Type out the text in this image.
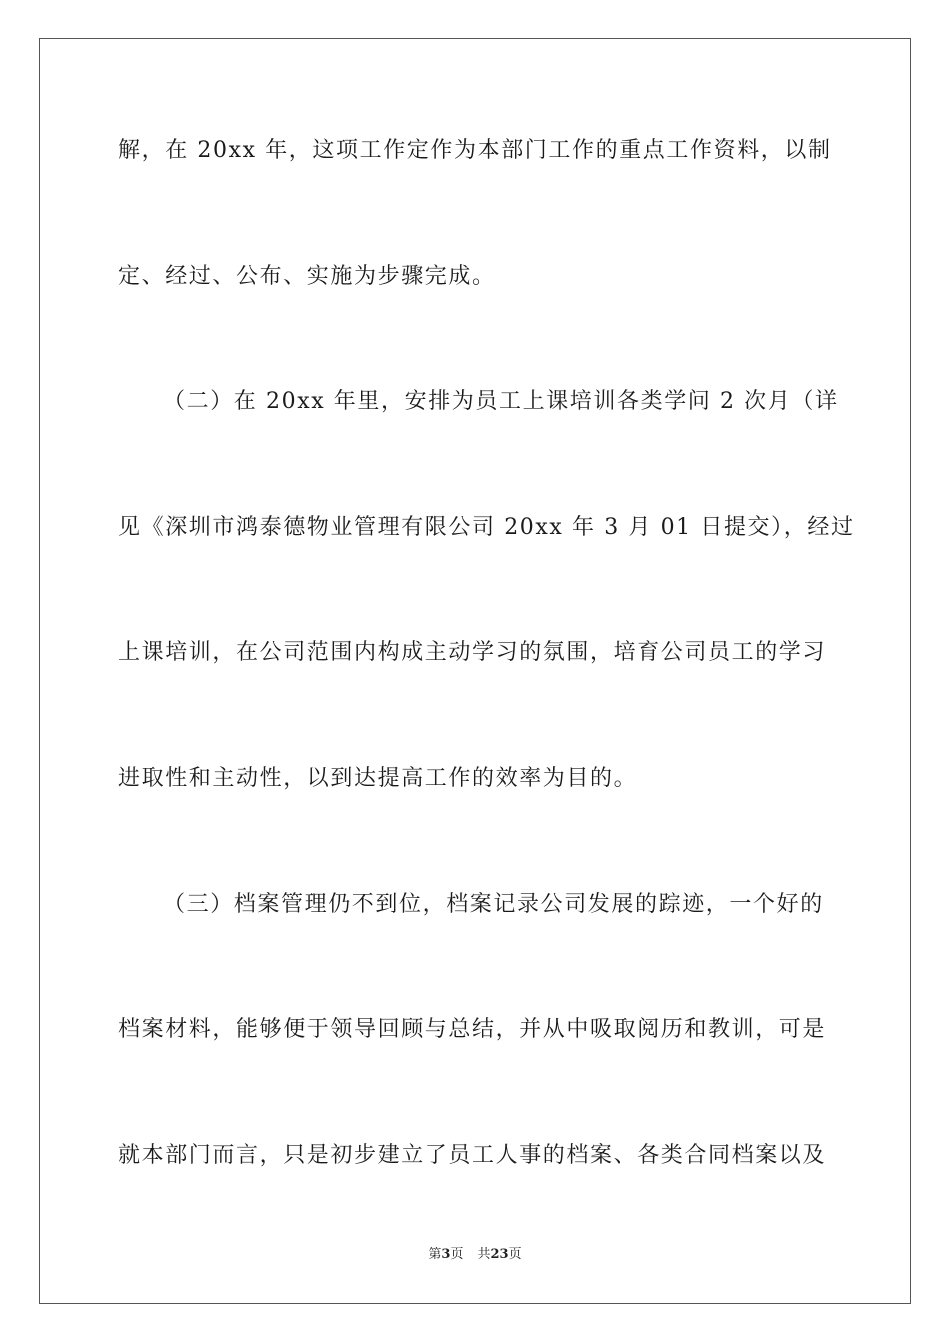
解，在 20xx 年，这项工作定作为本部门工作的重点工作资料，以制
定、经过、公布、实施为步骤完成。
（二）在 20xx 年里，安排为员工上课培训各类学问 2 次月（详
见《深圳市鸿泰德物业管理有限公司 20xx 年 3 月 01 日提交），经过
上课培训，在公司范围内构成主动学习的氛围，培育公司员工的学习
进取性和主动性，以到达提高工作的效率为目的。
（三）档案管理仍不到位，档案记录公司发展的踪迹，一个好的
档案材料，能够便于领导回顾与总结，并从中吸取阅历和教训，可是
就本部门而言，只是初步建立了员工人事的档案、各类合同档案以及
第3页 共23页
